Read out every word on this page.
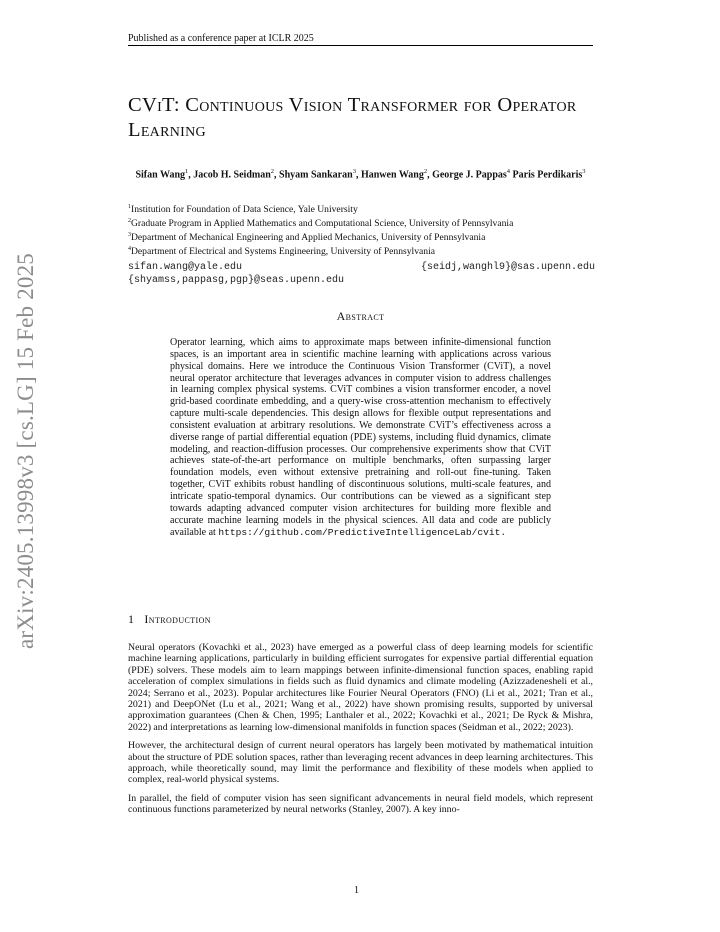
Published as a conference paper at ICLR 2025
arXiv:2405.13998v3 [cs.LG] 15 Feb 2025
CViT: Continuous Vision Transformer for Operator Learning
Sifan Wang$^1$, Jacob H. Seidman$^2$, Shyam Sankaran$^3$, Hanwen Wang$^2$, George J. Pappas$^4$ Paris Perdikaris$^3$
$^1$Institution for Foundation of Data Science, Yale University
$^2$Graduate Program in Applied Mathematics and Computational Science, University of Pennsylvania
$^3$Department of Mechanical Engineering and Applied Mechanics, University of Pennsylvania
$^4$Department of Electrical and Systems Engineering, University of Pennsylvania
sifan.wang@yale.edu	{seidj,wanghl9}@sas.upenn.edu
{shyamss,pappasg,pgp}@seas.upenn.edu
Abstract
Operator learning, which aims to approximate maps between infinite-dimensional function spaces, is an important area in scientific machine learning with applications across various physical domains. Here we introduce the Continuous Vision Transformer (CViT), a novel neural operator architecture that leverages advances in computer vision to address challenges in learning complex physical systems. CViT combines a vision transformer encoder, a novel grid-based coordinate embedding, and a query-wise cross-attention mechanism to effectively capture multi-scale dependencies. This design allows for flexible output representations and consistent evaluation at arbitrary resolutions. We demonstrate CViT’s effectiveness across a diverse range of partial differential equation (PDE) systems, including fluid dynamics, climate modeling, and reaction-diffusion processes. Our comprehensive experiments show that CViT achieves state-of-the-art performance on multiple benchmarks, often surpassing larger foundation models, even without extensive pretraining and roll-out fine-tuning. Taken together, CViT exhibits robust handling of discontinuous solutions, multi-scale features, and intricate spatio-temporal dynamics. Our contributions can be viewed as a significant step towards adapting advanced computer vision architectures for building more flexible and accurate machine learning models in the physical sciences. All data and code are publicly available at https://github.com/PredictiveIntelligenceLab/cvit.
1 Introduction

Neural operators (Kovachki et al., 2023) have emerged as a powerful class of deep learning models for scientific machine learning applications, particularly in building efficient surrogates for expensive partial differential equation (PDE) solvers. These models aim to learn mappings between infinite-dimensional function spaces, enabling rapid acceleration of complex simulations in fields such as fluid dynamics and climate modeling (Azizzadenesheli et al., 2024; Serrano et al., 2023). Popular architectures like Fourier Neural Operators (FNO) (Li et al., 2021; Tran et al., 2021) and DeepONet (Lu et al., 2021; Wang et al., 2022) have shown promising results, supported by universal approximation guarantees (Chen & Chen, 1995; Lanthaler et al., 2022; Kovachki et al., 2021; De Ryck & Mishra, 2022) and interpretations as learning low-dimensional manifolds in function spaces (Seidman et al., 2022; 2023).

However, the architectural design of current neural operators has largely been motivated by mathematical intuition about the structure of PDE solution spaces, rather than leveraging recent advances in deep learning architectures. This approach, while theoretically sound, may limit the performance and flexibility of these models when applied to complex, real-world physical systems.

In parallel, the field of computer vision has seen significant advancements in neural field models, which represent continuous functions parameterized by neural networks (Stanley, 2007). A key inno-

1
